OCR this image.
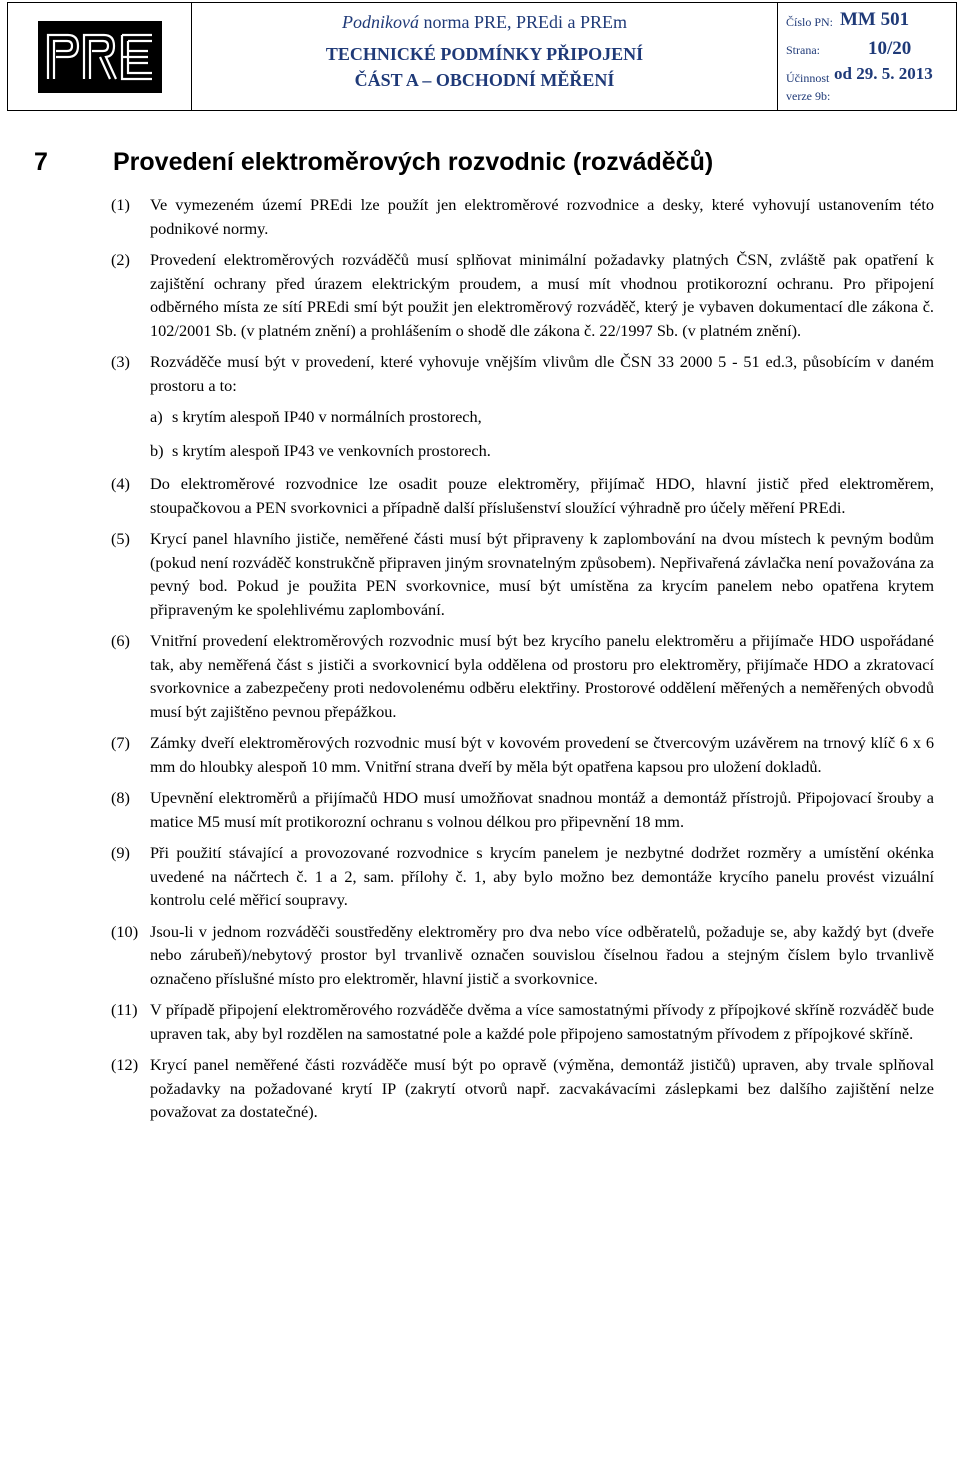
Podniková norma PRE, PREdi a PREm
TECHNICKÉ PODMÍNKY PŘIPOJENÍ
ČÁST A – OBCHODNÍ MĚŘENÍ
Číslo PN: MM 501
Strana:	10/20
Účinnost od 29. 5. 2013
verze 9b:
7	Provedení elektroměrových rozvodnic (rozváděčů)
(1)	Ve vymezeném území PREdi lze použít jen elektroměrové rozvodnice a desky, které vyhovují ustanovením této podnikové normy.
(2)	Provedení elektroměrových rozváděčů musí splňovat minimální požadavky platných ČSN, zvláště pak opatření k zajištění ochrany před úrazem elektrickým proudem, a musí mít vhodnou protikorozní ochranu. Pro připojení odběrného místa ze sítí PREdi smí být použit jen elektroměrový rozváděč, který je vybaven dokumentací dle zákona č. 102/2001 Sb. (v platném znění) a prohlášením o shodě dle zákona č. 22/1997 Sb. (v platném znění).
(3)	Rozváděče musí být v provedení, které vyhovuje vnějším vlivům dle ČSN 33 2000 5 - 51 ed.3, působícím v daném prostoru a to:
a) s krytím alespoň IP40 v normálních prostorech,
b) s krytím alespoň IP43 ve venkovních prostorech.
(4)	Do elektroměrové rozvodnice lze osadit pouze elektroměry, přijímač HDO, hlavní jistič před elektroměrem, stoupačkovou a PEN svorkovnici a případně další příslušenství sloužící výhradně pro účely měření PREdi.
(5)	Krycí panel hlavního jističe, neměřené části musí být připraveny k zaplombování na dvou místech k pevným bodům (pokud není rozváděč konstrukčně připraven jiným srovnatelným způsobem). Nepřivařená závlačka není považována za pevný bod. Pokud je použita PEN svorkovnice, musí být umístěna za krycím panelem nebo opatřena krytem připraveným ke spolehlivému zaplombování.
(6)	Vnitřní provedení elektroměrových rozvodnic musí být bez krycího panelu elektroměru a přijímače HDO uspořádané tak, aby neměřená část s jističi a svorkovnicí byla oddělena od prostoru pro elektroměry, přijímače HDO a zkratovací svorkovnice a zabezpečeny proti nedovolenému odběru elektřiny. Prostorové oddělení měřených a neměřených obvodů musí být zajištěno pevnou přepážkou.
(7)	Zámky dveří elektroměrových rozvodnic musí být v kovovém provedení se čtvercovým uzávěrem na trnový klíč 6 x 6 mm do hloubky alespoň 10 mm. Vnitřní strana dveří by měla být opatřena kapsou pro uložení dokladů.
(8)	Upevnění elektroměrů a přijímačů HDO musí umožňovat snadnou montáž a demontáž přístrojů. Připojovací šrouby a matice M5 musí mít protikorozní ochranu s volnou délkou pro připevnění 18 mm.
(9)	Při použití stávající a provozované rozvodnice s krycím panelem je nezbytné dodržet rozměry a umístění okénka uvedené na náčrtech č. 1 a 2, sam. přílohy č. 1, aby bylo možno bez demontáže krycího panelu provést vizuální kontrolu celé měřicí soupravy.
(10) Jsou-li v jednom rozváděči soustředěny elektroměry pro dva nebo více odběratelů, požaduje se, aby každý byt (dveře nebo zárubeň)/nebytový prostor byl trvanlivě označen souvislou číselnou řadou a stejným číslem bylo trvanlivě označeno příslušné místo pro elektroměr, hlavní jistič a svorkovnice.
(11) V případě připojení elektroměrového rozváděče dvěma a více samostatnými přívody z přípojkové skříně rozváděč bude upraven tak, aby byl rozdělen na samostatné pole a každé pole připojeno samostatným přívodem z přípojkové skříně.
(12) Krycí panel neměřené části rozváděče musí být po opravě (výměna, demontáž jističů) upraven, aby trvale splňoval požadavky na požadované krytí IP (zakrytí otvorů např. zacvakávacími záslepkami bez dalšího zajištění nelze považovat za dostatečné).
